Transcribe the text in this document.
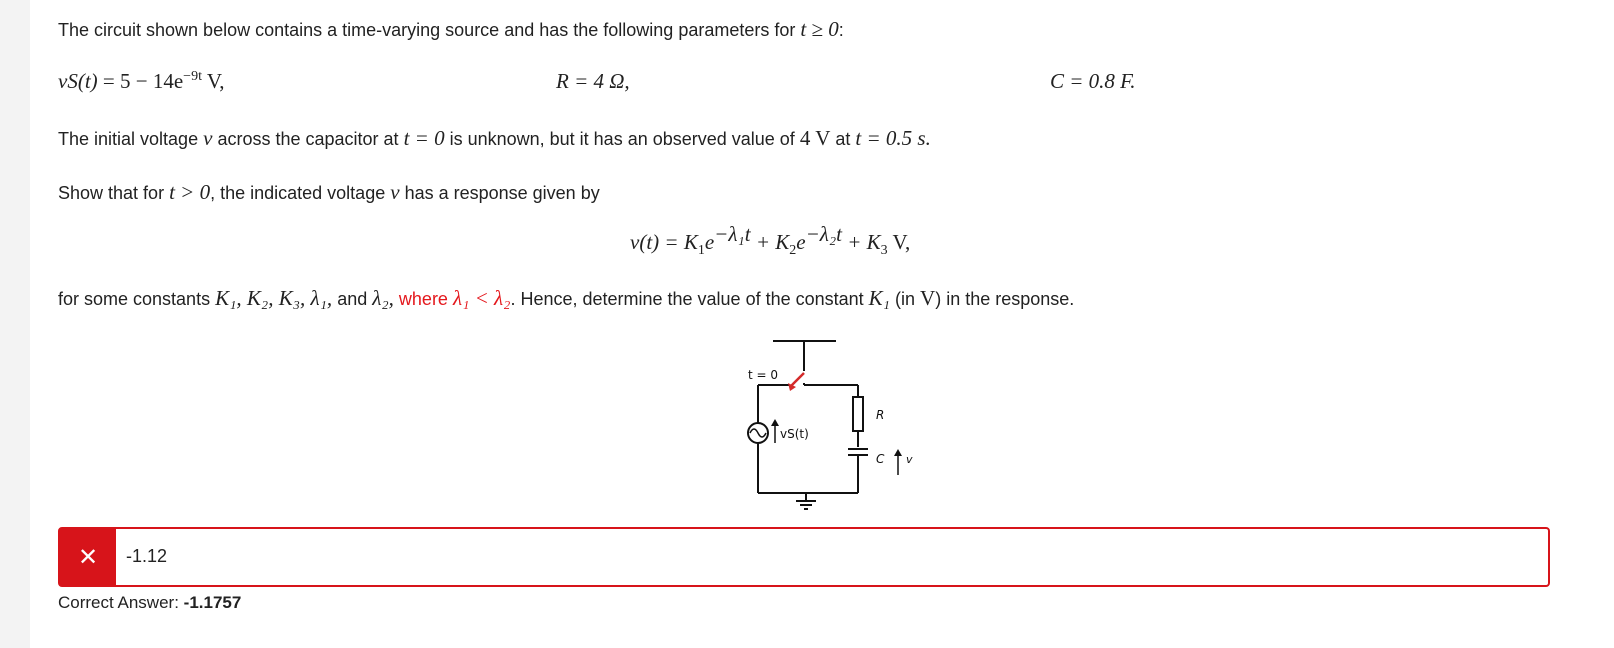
The circuit shown below contains a time-varying source and has the following parameters for t ≥ 0:
$vS(t) = 5 - 14e^{-9t}$ V,	R = 4 Ω,	C = 0.8 F.
The initial voltage v across the capacitor at t = 0 is unknown, but it has an observed value of 4 V at t = 0.5 s.
Show that for t > 0, the indicated voltage v has a response given by
$v(t) = K_1e^{-\lambda_1t} + K_2e^{-\lambda_2t} + K_3$ V,
for some constants K₁, K₂, K₃, λ₁, and λ₂, where λ₁ < λ₂. Hence, determine the value of the constant K₁ (in V) in the response.
t = 0
vS(t)
R
C v
✕	-1.12
Correct Answer: -1.1757
